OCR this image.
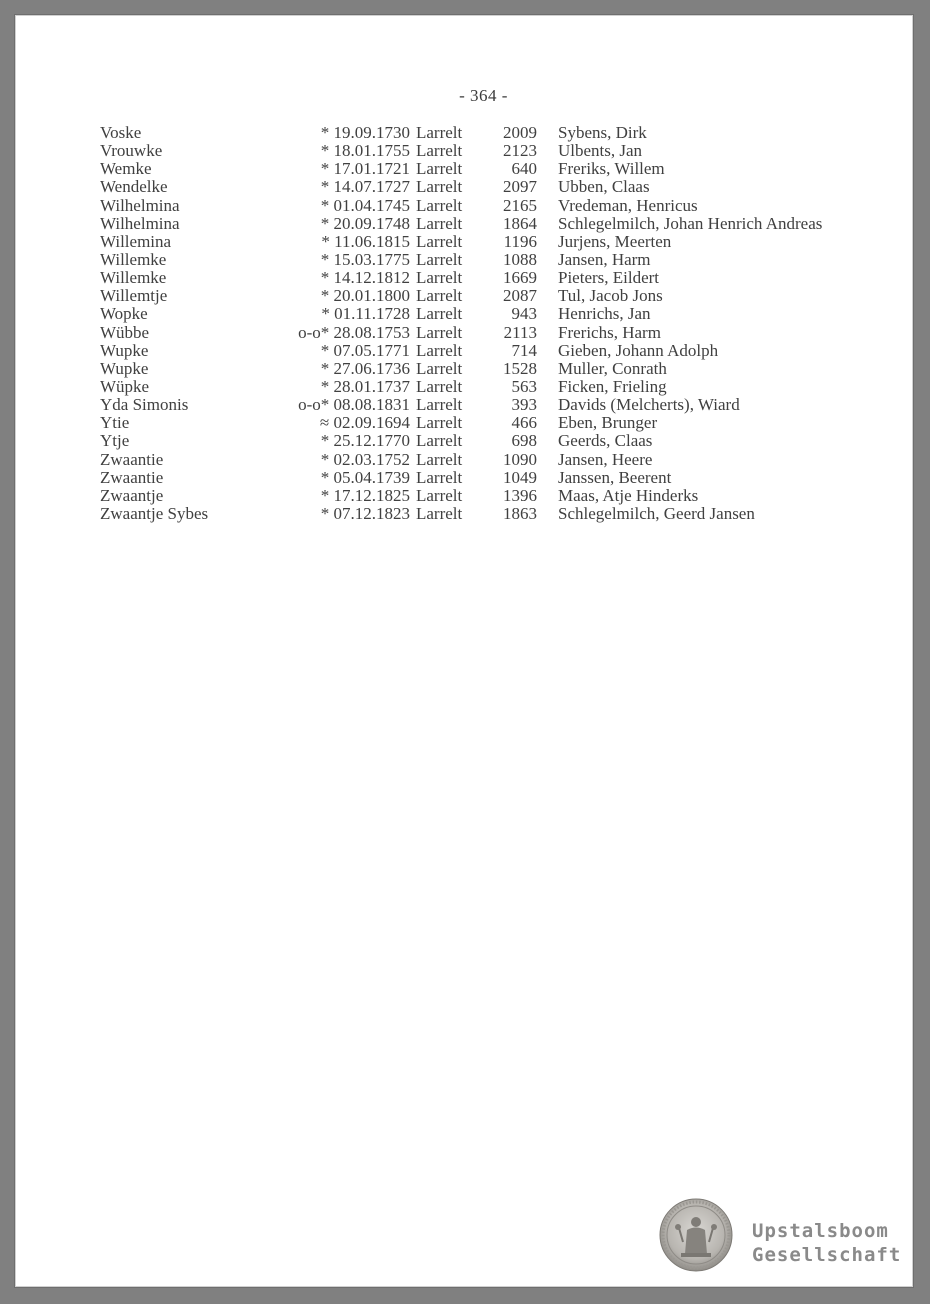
- 364 -
Voske	* 19.09.1730 Larrelt	2009 Sybens, Dirk
Vrouwke	* 18.01.1755 Larrelt	2123 Ulbents, Jan
Wemke	* 17.01.1721 Larrelt	640 Freriks, Willem
Wendelke	* 14.07.1727 Larrelt	2097 Ubben, Claas
Wilhelmina	* 01.04.1745 Larrelt	2165 Vredeman, Henricus
Wilhelmina	* 20.09.1748 Larrelt	1864 Schlegelmilch, Johan Henrich Andreas
Willemina	* 11.06.1815 Larrelt	1196 Jurjens, Meerten
Willemke	* 15.03.1775 Larrelt	1088 Jansen, Harm
Willemke	* 14.12.1812 Larrelt	1669 Pieters, Eildert
Willemtje	* 20.01.1800 Larrelt	2087 Tul, Jacob Jons
Wopke	* 01.11.1728 Larrelt	943 Henrichs, Jan
Wübbe	o-o* 28.08.1753 Larrelt	2113 Frerichs, Harm
Wupke	* 07.05.1771 Larrelt	714 Gieben, Johann Adolph
Wupke	* 27.06.1736 Larrelt	1528 Muller, Conrath
Wüpke	* 28.01.1737 Larrelt	563 Ficken, Frieling
Yda Simonis	o-o* 08.08.1831 Larrelt	393 Davids (Melcherts), Wiard
Ytie	≈ 02.09.1694 Larrelt	466 Eben, Brunger
Ytje	* 25.12.1770 Larrelt	698 Geerds, Claas
Zwaantie	* 02.03.1752 Larrelt	1090 Jansen, Heere
Zwaantie	* 05.04.1739 Larrelt	1049 Janssen, Beerent
Zwaantje	* 17.12.1825 Larrelt	1396 Maas, Atje Hinderks
Zwaantje Sybes	* 07.12.1823 Larrelt	1863 Schlegelmilch, Geerd Jansen
Upstalsboom
Gesellschaft
